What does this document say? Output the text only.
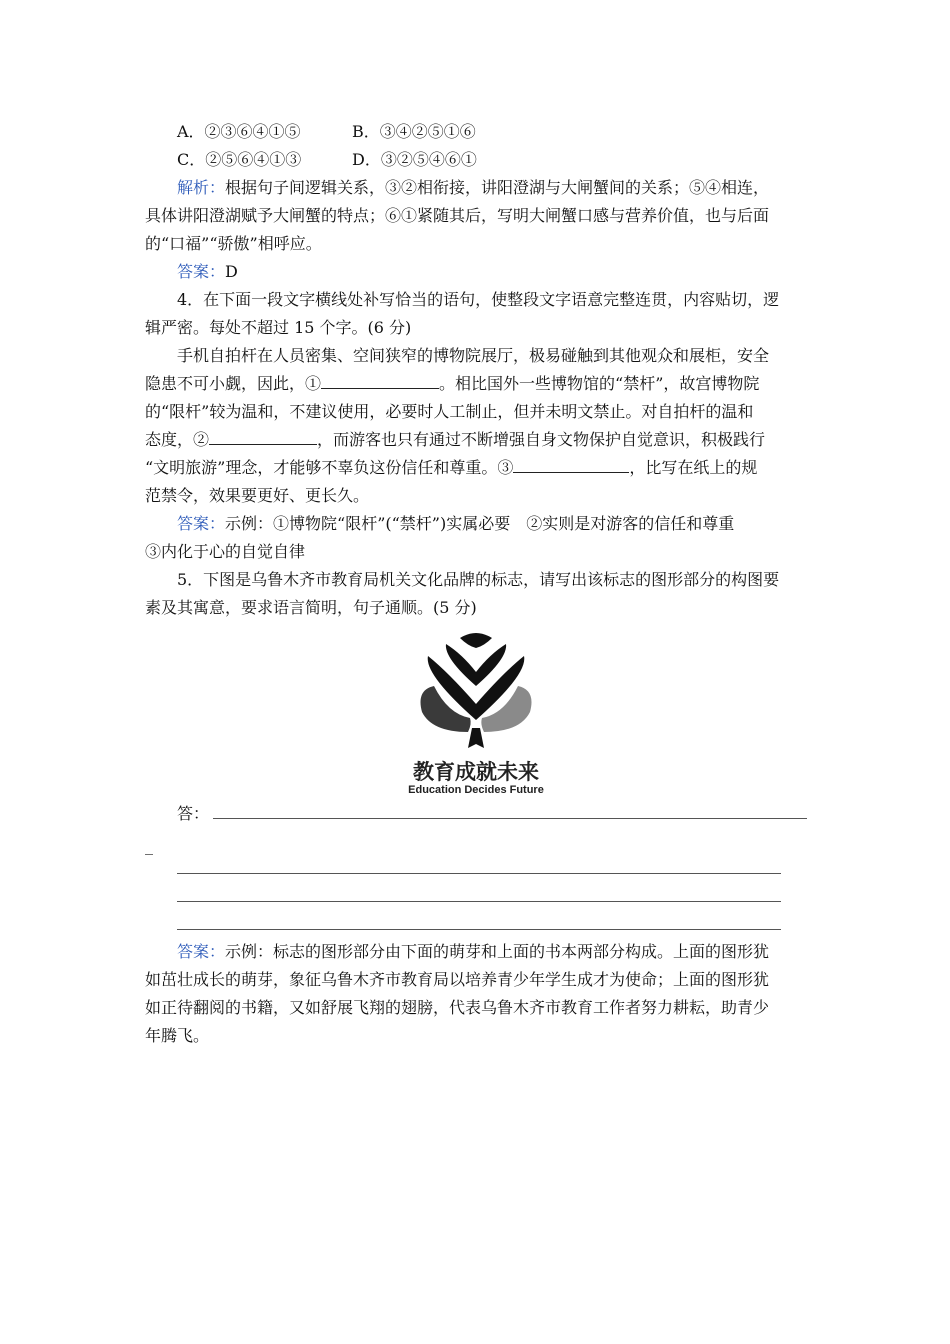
A．②③⑥④①⑤	B．③④②⑤①⑥
C．②⑤⑥④①③	D．③②⑤④⑥①
解析：根据句子间逻辑关系，③②相衔接，讲阳澄湖与大闸蟹间的关系；⑤④相连，
具体讲阳澄湖赋予大闸蟹的特点；⑥①紧随其后，写明大闸蟹口感与营养价值，也与后面
的“口福”“骄傲”相呼应。
答案：D
4．在下面一段文字横线处补写恰当的语句，使整段文字语意完整连贯，内容贴切，逻
辑严密。每处不超过 15 个字。(6 分)
手机自拍杆在人员密集、空间狭窄的博物院展厅，极易碰触到其他观众和展柜，安全
隐患不可小觑，因此，①	。相比国外一些博物馆的“禁杆”，故宫博物院
的“限杆”较为温和，不建议使用，必要时人工制止，但并未明文禁止。对自拍杆的温和
态度，②	，而游客也只有通过不断增强自身文物保护自觉意识，积极践行
“文明旅游”理念，才能够不辜负这份信任和尊重。③	，比写在纸上的规
范禁令，效果要更好、更长久。
答案：示例：①博物院“限杆”(“禁杆”)实属必要　②实则是对游客的信任和尊重
③内化于心的自觉自律
5．下图是乌鲁木齐市教育局机关文化品牌的标志，请写出该标志的图形部分的构图要
素及其寓意，要求语言简明，句子通顺。(5 分)
教育成就未来
Education Decides Future
答：
_
答案：示例：标志的图形部分由下面的萌芽和上面的书本两部分构成。上面的图形犹
如茁壮成长的萌芽，象征乌鲁木齐市教育局以培养青少年学生成才为使命；上面的图形犹
如正待翻阅的书籍，又如舒展飞翔的翅膀，代表乌鲁木齐市教育工作者努力耕耘，助青少
年腾飞。
